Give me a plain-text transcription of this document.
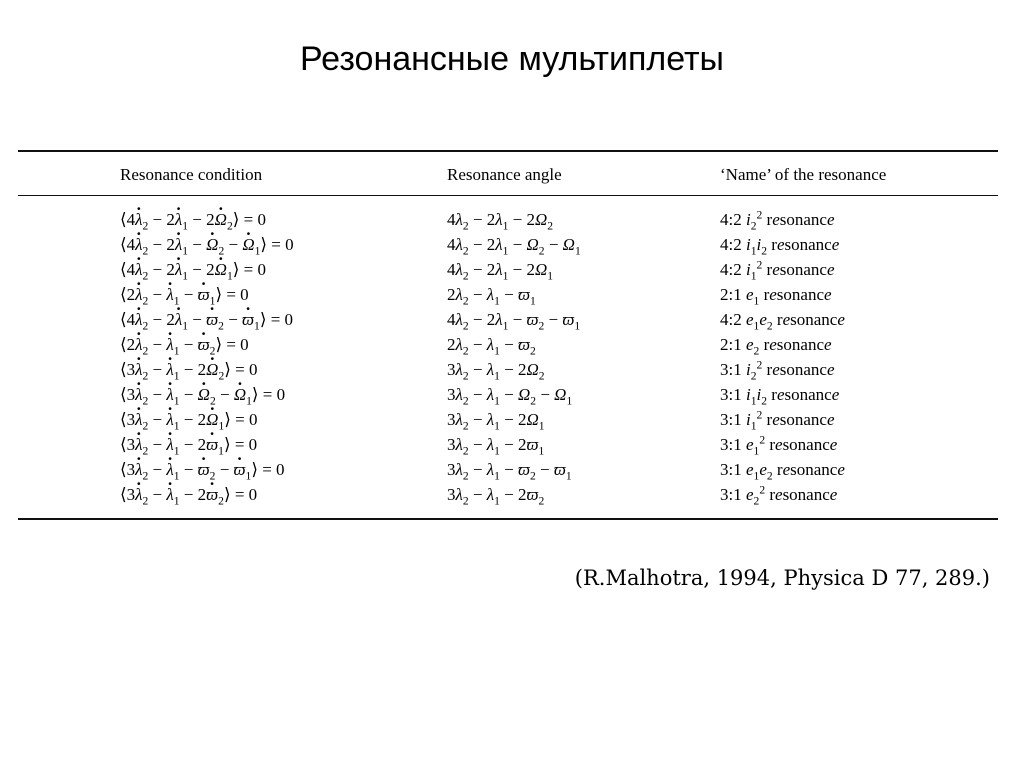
Резонансные мультиплеты
Resonance condition	Resonance angle	‘Name’ of the resonance
⟨4· $\lambda_2 - 2\cdot \lambda_1 - 2\cdot$ $\Omega_2⟩ = 0$	$4\lambda_2 - 2\lambda_1 - 2\Omega_2$	4:2 $i_2^2$ resonance
⟨4· $\lambda_2 - 2\cdot \lambda_1$ − · $\Omega_2$ − · $\Omega_1⟩ = 0$	$4\lambda_2 - 2\lambda_1 - \Omega_2 - \Omega_1$	4:2 $i_1i_2$ resonance
⟨4· $\lambda_2 - 2\cdot \lambda_1 - 2\cdot$ $\Omega_1⟩ = 0$	$4\lambda_2 - 2\lambda_1 - 2\Omega_1$	4:2 $i_1^2$ resonance
⟨2· $\lambda_2$ − · $\lambda_1$ − · $ϖ_1⟩ = 0$	$2\lambda_2 - \lambda_1 - ϖ_1$	2:1 $e_1$ resonance
⟨4· $\lambda_2 - 2\cdot \lambda_1$ − · $ϖ_2$ − · $ϖ_1⟩ = 0$	$4\lambda_2 - 2\lambda_1 - ϖ_2 - ϖ_1$	4:2 $e_1e_2$ resonance
⟨2· $\lambda_2$ − · $\lambda_1$ − · $ϖ_2⟩ = 0$	$2\lambda_2 - \lambda_1 - ϖ_2$	2:1 $e_2$ resonance
⟨3· $\lambda_2$ − · $\lambda_1 - 2\cdot$ $\Omega_2⟩ = 0$	$3\lambda_2 - \lambda_1 - 2\Omega_2$	3:1 $i_2^2$ resonance
⟨3· $\lambda_2$ − · $\lambda_1$ − · $\Omega_2$ − · $\Omega_1⟩ = 0$	$3\lambda_2 - \lambda_1 - \Omega_2 - \Omega_1$	3:1 $i_1i_2$ resonance
⟨3· $\lambda_2$ − · $\lambda_1 - 2\cdot$ $\Omega_1⟩ = 0$	$3\lambda_2 - \lambda_1 - 2\Omega_1$	3:1 $i_1^2$ resonance
⟨3· $\lambda_2$ − · $\lambda_1 - 2\cdot$ $ϖ_1⟩ = 0$	$3\lambda_2 - \lambda_1 - 2ϖ_1$	3:1 $e_1^2$ resonance
⟨3· $\lambda_2$ − · $\lambda_1$ − · $ϖ_2$ − · $ϖ_1⟩ = 0$	$3\lambda_2 - \lambda_1 - ϖ_2 - ϖ_1$	3:1 $e_1e_2$ resonance
⟨3· $\lambda_2$ − · $\lambda_1 - 2\cdot$ $ϖ_2⟩ = 0$	$3\lambda_2 - \lambda_1 - 2ϖ_2$	3:1 $e_2^2$ resonance
(R.Malhotra, 1994, Physica D 77, 289.)
